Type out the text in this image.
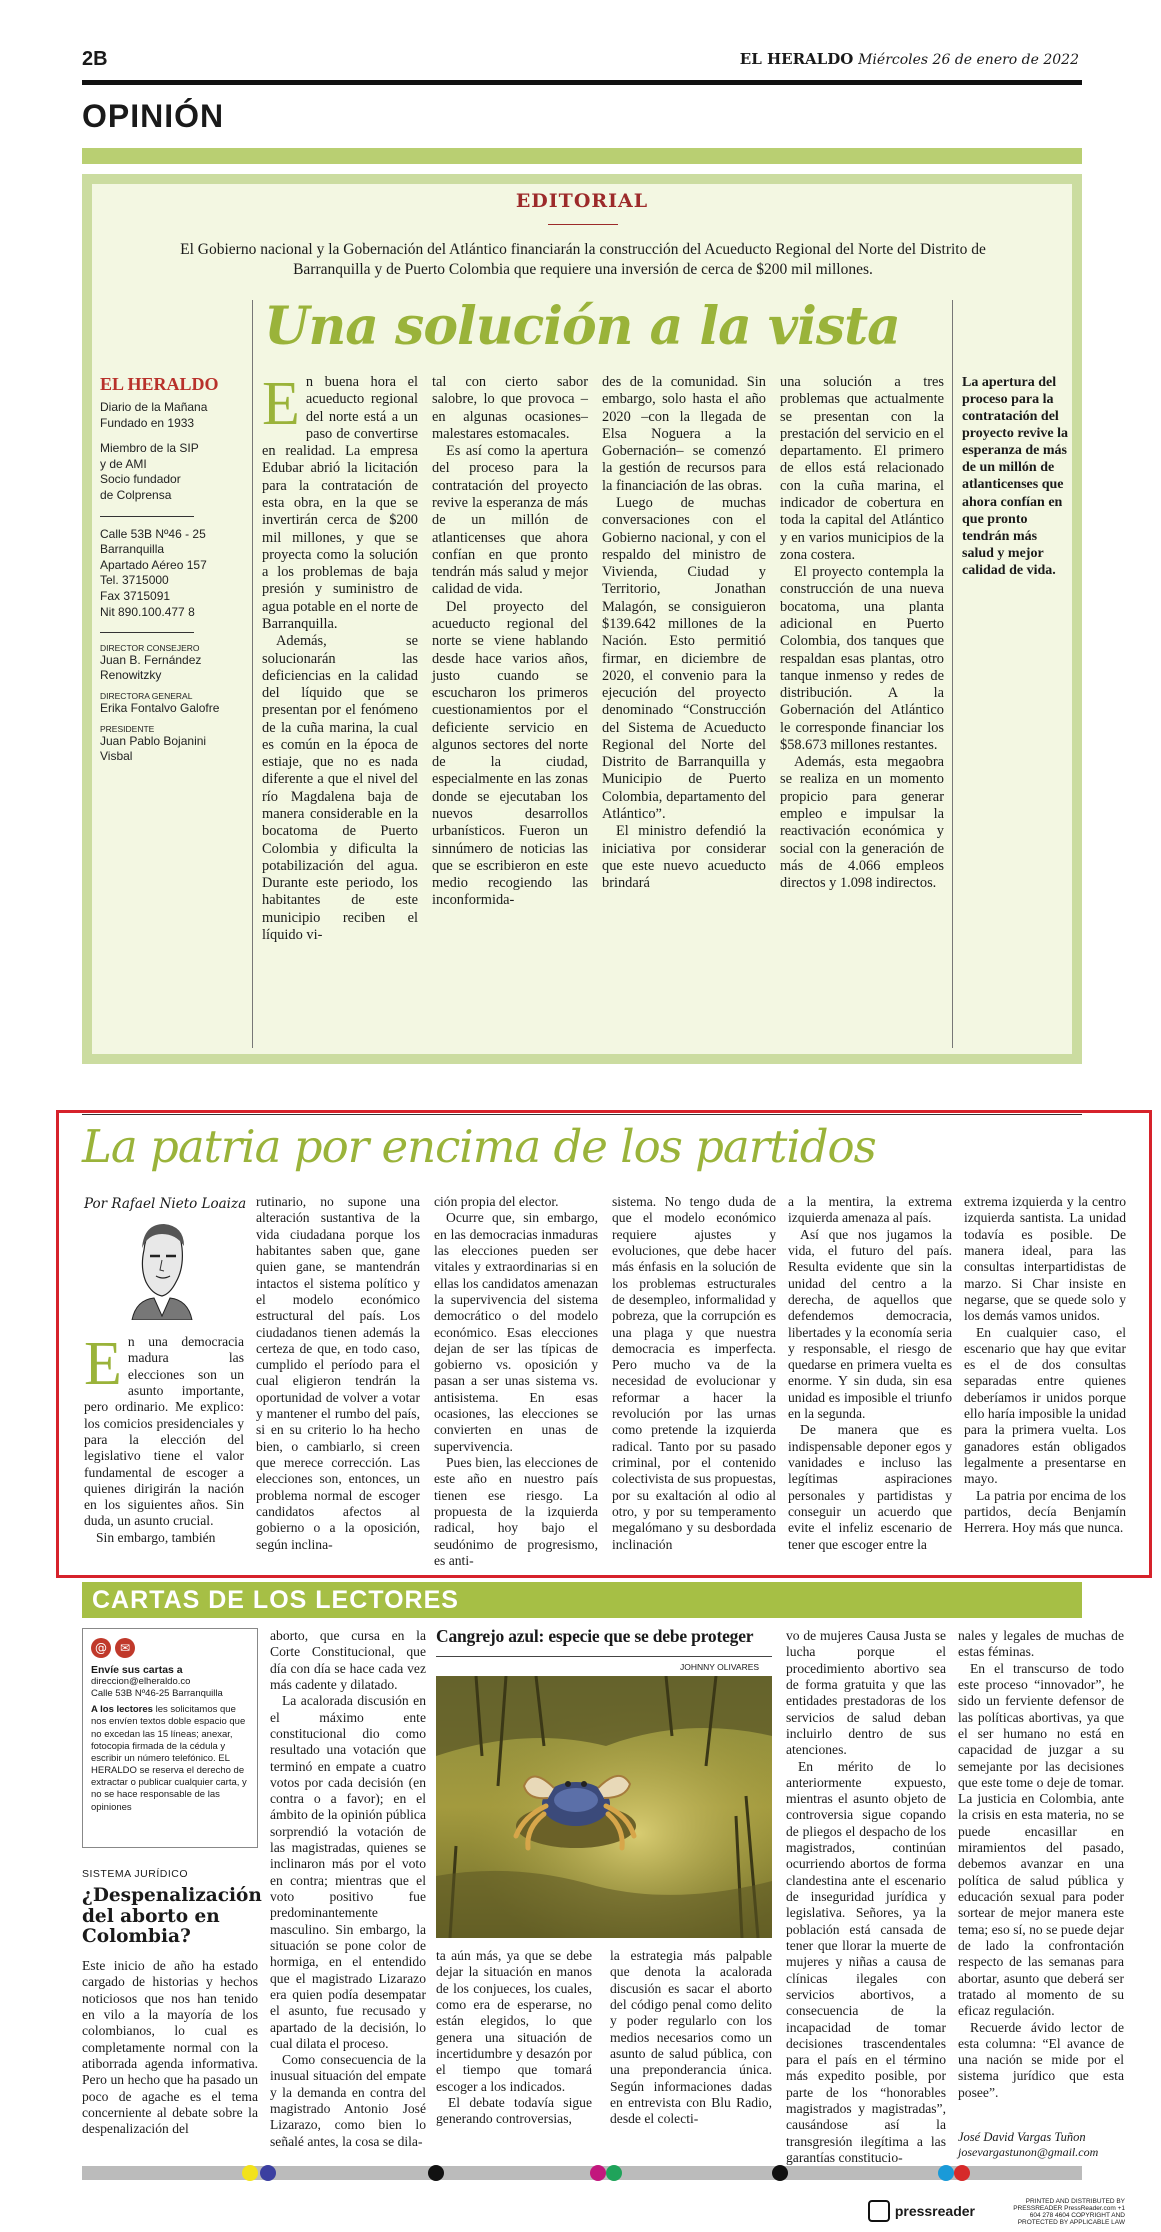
2B	EL HERALDO Miércoles 26 de enero de 2022
OPINIÓN
EDITORIAL
El Gobierno nacional y la Gobernación del Atlántico financiarán la construcción del Acueducto Regional del Norte del Distrito de Barranquilla y de Puerto Colombia que requiere una inversión de cerca de $200 mil millones.
Una solución a la vista
EL HERALDO
Diario de la Mañana
Fundado en 1933
Miembro de la SIP
y de AMI
Socio fundador
de Colprensa
Calle 53B Nº46 - 25
Barranquilla
Apartado Aéreo 157
Tel. 3715000
Fax 3715091
Nit 890.100.477 8
DIRECTOR CONSEJERO
Juan B. Fernández Renowitzky
DIRECTORA GENERAL
Erika Fontalvo Galofre
PRESIDENTE
Juan Pablo Bojanini Visbal

En buena hora el acueducto regional del norte está a un paso de convertirse en realidad. La empresa Edubar abrió la licitación para la contratación de esta obra, en la que se invertirán cerca de $200 mil millones, y que se proyecta como la solución a los problemas de baja presión y suministro de agua potable en el norte de Barranquilla.

Además, se solucionarán las deficiencias en la calidad del líquido que se presentan por el fenómeno de la cuña marina, la cual es común en la época de estiaje, que no es nada diferente a que el nivel del río Magdalena baja de manera considerable en la bocatoma de Puerto Colombia y dificulta la potabilización del agua. Durante este periodo, los habitantes de este municipio reciben el líquido vi-

tal con cierto sabor salobre, lo que provoca –en algunas ocasiones– malestares estomacales.

Es así como la apertura del proceso para la contratación del proyecto revive la esperanza de más de un millón de atlanticenses que ahora confían en que pronto tendrán más salud y mejor calidad de vida.

Del proyecto del acueducto regional del norte se viene hablando desde hace varios años, justo cuando se escucharon los primeros cuestionamientos por el deficiente servicio en algunos sectores del norte de la ciudad, especialmente en las zonas donde se ejecutaban los nuevos desarrollos urbanísticos. Fueron un sinnúmero de noticias las que se escribieron en este medio recogiendo las inconformida-

des de la comunidad. Sin embargo, solo hasta el año 2020 –con la llegada de Elsa Noguera a la Gobernación– se comenzó la gestión de recursos para la financiación de las obras.

Luego de muchas conversaciones con el Gobierno nacional, y con el respaldo del ministro de Vivienda, Ciudad y Territorio, Jonathan Malagón, se consiguieron $139.642 millones de la Nación. Esto permitió firmar, en diciembre de 2020, el convenio para la ejecución del proyecto denominado “Construcción del Sistema de Acueducto Regional del Norte del Distrito de Barranquilla y Municipio de Puerto Colombia, departamento del Atlántico”.

El ministro defendió la iniciativa por considerar que este nuevo acueducto brindará

una solución a tres problemas que actualmente se presentan con la prestación del servicio en el departamento. El primero de ellos está relacionado con la cuña marina, el indicador de cobertura en toda la capital del Atlántico y en varios municipios de la zona costera.

El proyecto contempla la construcción de una nueva bocatoma, una planta adicional en Puerto Colombia, dos tanques que respaldan esas plantas, otro tanque inmenso y redes de distribución. A la Gobernación del Atlántico le corresponde financiar los $58.673 millones restantes.

Además, esta megaobra se realiza en un momento propicio para generar empleo e impulsar la reactivación económica y social con la generación de más de 4.066 empleos directos y 1.098 indirectos.

La apertura del proceso para la contratación del proyecto revive la esperanza de más de un millón de atlanticenses que ahora confían en que pronto tendrán más salud y mejor calidad de vida.
La patria por encima de los partidos
Por Rafael Nieto Loaiza

En una democracia madura las elecciones son un asunto importante, pero ordinario. Me explico: los comicios presidenciales y para la elección del legislativo tiene el valor fundamental de escoger a quienes dirigirán la nación en los siguientes años. Sin duda, un asunto crucial.

Sin embargo, también

rutinario, no supone una alteración sustantiva de la vida ciudadana porque los habitantes saben que, gane quien gane, se mantendrán intactos el sistema político y el modelo económico estructural del país. Los ciudadanos tienen además la certeza de que, en todo caso, cumplido el período para el cual eligieron tendrán la oportunidad de volver a votar y mantener el rumbo del país, si en su criterio lo ha hecho bien, o cambiarlo, si creen que merece corrección. Las elecciones son, entonces, un problema normal de escoger candidatos afectos al gobierno o a la oposición, según inclina-

ción propia del elector.

Ocurre que, sin embargo, en las democracias inmaduras las elecciones pueden ser vitales y extraordinarias si en ellas los candidatos amenazan la supervivencia del sistema democrático o del modelo económico. Esas elecciones dejan de ser las típicas de gobierno vs. oposición y pasan a ser unas sistema vs. antisistema. En esas ocasiones, las elecciones se convierten en unas de supervivencia.

Pues bien, las elecciones de este año en nuestro país tienen ese riesgo. La propuesta de la izquierda radical, hoy bajo el seudónimo de progresismo, es anti-

sistema. No tengo duda de que el modelo económico requiere ajustes y evoluciones, que debe hacer más énfasis en la solución de los problemas estructurales de desempleo, informalidad y pobreza, que la corrupción es una plaga y que nuestra democracia es imperfecta. Pero mucho va de la necesidad de evolucionar y reformar a hacer la revolución por las urnas como pretende la izquierda radical. Tanto por su pasado criminal, por el contenido colectivista de sus propuestas, por su exaltación al odio al otro, y por su temperamento megalómano y su desbordada inclinación

a la mentira, la extrema izquierda amenaza al país.

Así que nos jugamos la vida, el futuro del país. Resulta evidente que sin la unidad del centro a la derecha, de aquellos que defendemos democracia, libertades y la economía seria y responsable, el riesgo de quedarse en primera vuelta es enorme. Y sin duda, sin esa unidad es imposible el triunfo en la segunda.

De manera que es indispensable deponer egos y vanidades e incluso las legítimas aspiraciones personales y partidistas y conseguir un acuerdo que evite el infeliz escenario de tener que escoger entre la

extrema izquierda y la centro izquierda santista. La unidad todavía es posible. De manera ideal, para las consultas interpartidistas de marzo. Si Char insiste en negarse, que se quede solo y los demás vamos unidos.

En cualquier caso, el escenario que hay que evitar es el de dos consultas separadas entre quienes deberíamos ir unidos porque ello haría imposible la unidad para la primera vuelta. Los ganadores están obligados legalmente a presentarse en mayo.

La patria por encima de los partidos, decía Benjamín Herrera. Hoy más que nunca.

CARTAS DE LOS LECTORES
@ ✉
Envíe sus cartas a
direccion@elheraldo.co
Calle 53B Nº46-25 Barranquilla
A los lectores les solicitamos que nos envíen textos doble espacio que no excedan las 15 líneas; anexar, fotocopia firmada de la cédula y escribir un número telefónico. EL HERALDO se reserva el derecho de extractar o publicar cualquier carta, y no se hace responsable de las opiniones
SISTEMA JURÍDICO
¿Despenalización del aborto en Colombia?

Este inicio de año ha estado cargado de historias y hechos noticiosos que nos han tenido en vilo a la mayoría de los colombianos, lo cual es completamente normal con la atiborrada agenda informativa. Pero un hecho que ha pasado un poco de agache es el tema concerniente al debate sobre la despenalización del

aborto, que cursa en la Corte Constitucional, que día con día se hace cada vez más cadente y dilatado.

La acalorada discusión en el máximo ente constitucional dio como resultado una votación que terminó en empate a cuatro votos por cada decisión (en contra o a favor); en el ámbito de la opinión pública sorprendió la votación de las magistradas, quienes se inclinaron más por el voto en contra; mientras que el voto positivo fue predominantemente masculino. Sin embargo, la situación se pone color de hormiga, en el entendido que el magistrado Lizarazo era quien podía desempatar el asunto, fue recusado y apartado de la decisión, lo cual dilata el proceso.

Como consecuencia de la inusual situación del empate y la demanda en contra del magistrado Antonio José Lizarazo, como bien lo señalé antes, la cosa se dila-

Cangrejo azul: especie que se debe proteger
JOHNNY OLIVARES

ta aún más, ya que se debe dejar la situación en manos de los conjueces, los cuales, como era de esperarse, no están elegidos, lo que genera una situación de incertidumbre y desazón por el tiempo que tomará escoger a los indicados.

El debate todavía sigue generando controversias,

la estrategia más palpable que denota la acalorada discusión es sacar el aborto del código penal como delito y poder regularlo con los medios necesarios como un asunto de salud pública, con una preponderancia única. Según informaciones dadas en entrevista con Blu Radio, desde el colecti-

vo de mujeres Causa Justa se lucha porque el procedimiento abortivo sea de forma gratuita y que las entidades prestadoras de los servicios de salud deban incluirlo dentro de sus atenciones.

En mérito de lo anteriormente expuesto, mientras el asunto objeto de controversia sigue copando de pliegos el despacho de los magistrados, continúan ocurriendo abortos de forma clandestina ante el escenario de inseguridad jurídica y legislativa. Señores, ya la población está cansada de tener que llorar la muerte de mujeres y niñas a causa de clínicas ilegales con servicios abortivos, a consecuencia de la incapacidad de tomar decisiones trascendentales para el país en el término más expedito posible, por parte de los “honorables magistrados y magistradas”, causándose así la transgresión ilegítima a las garantías constitucio-

nales y legales de muchas de estas féminas.

En el transcurso de todo este proceso “innovador”, he sido un ferviente defensor de las políticas abortivas, ya que el ser humano no está en capacidad de juzgar a su semejante por las decisiones que este tome o deje de tomar. La justicia en Colombia, ante la crisis en esta materia, no se puede encasillar en miramientos del pasado, debemos avanzar en una política de salud pública y educación sexual para poder sortear de mejor manera este tema; eso sí, no se puede dejar de lado la confrontación respecto de las semanas para abortar, asunto que deberá ser tratado al momento de su eficaz regulación.

Recuerde ávido lector de esta columna: “El avance de una nación se mide por el sistema jurídico que esta posee”.

José David Vargas Tuñon
josevargastunon@gmail.com
PRINTED AND DISTRIBUTED BY PRESSREADER PressReader.com +1 604 278 4604 COPYRIGHT AND PROTECTED BY APPLICABLE LAW
pressreader
